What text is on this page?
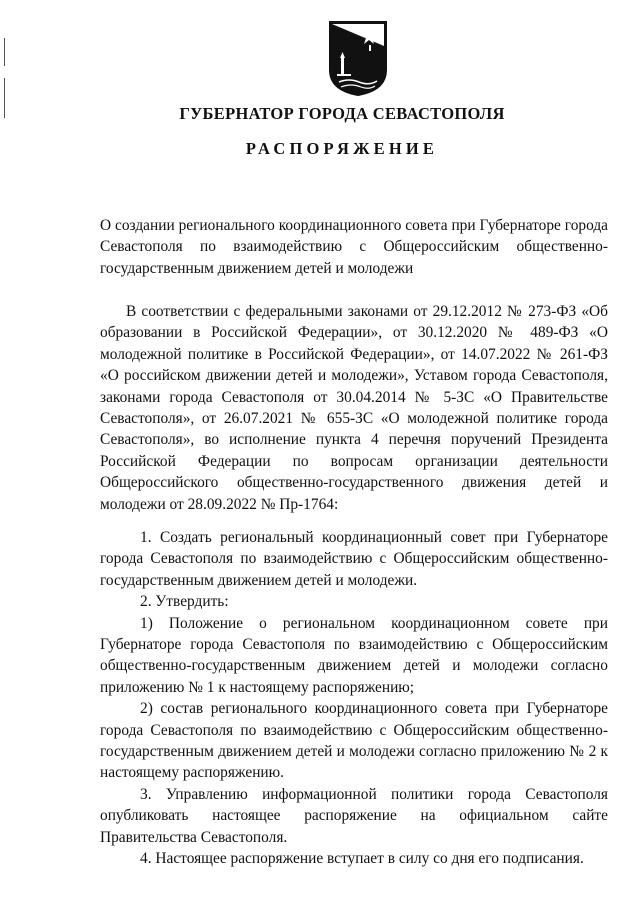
ГУБЕРНАТОР ГОРОДА СЕВАСТОПОЛЯ
РАСПОРЯЖЕНИЕ

О создании регионального координационного совета при Губернаторе города Севастополя по взаимодействию с Общероссийским общественно-государственным движением детей и молодежи

В соответствии с федеральными законами от 29.12.2012 № 273-ФЗ «Об образовании в Российской Федерации», от 30.12.2020 № 489-ФЗ «О молодежной политике в Российской Федерации», от 14.07.2022 № 261-ФЗ «О российском движении детей и молодежи», Уставом города Севастополя, законами города Севастополя от 30.04.2014 № 5-ЗС «О Правительстве Севастополя», от 26.07.2021 № 655-ЗС «О молодежной политике города Севастополя», во исполнение пункта 4 перечня поручений Президента Российской Федерации по вопросам организации деятельности Общероссийского общественно-государственного движения детей и молодежи от 28.09.2022 № Пр-1764:

1. Создать региональный координационный совет при Губернаторе города Севастополя по взаимодействию с Общероссийским общественно-государственным движением детей и молодежи.

2. Утвердить:

1) Положение о региональном координационном совете при Губернаторе города Севастополя по взаимодействию с Общероссийским общественно-государственным движением детей и молодежи согласно приложению № 1 к настоящему распоряжению;

2) состав регионального координационного совета при Губернаторе города Севастополя по взаимодействию с Общероссийским общественно-государственным движением детей и молодежи согласно приложению № 2 к настоящему распоряжению.

3. Управлению информационной политики города Севастополя опубликовать настоящее распоряжение на официальном сайте Правительства Севастополя.

4. Настоящее распоряжение вступает в силу со дня его подписания.
